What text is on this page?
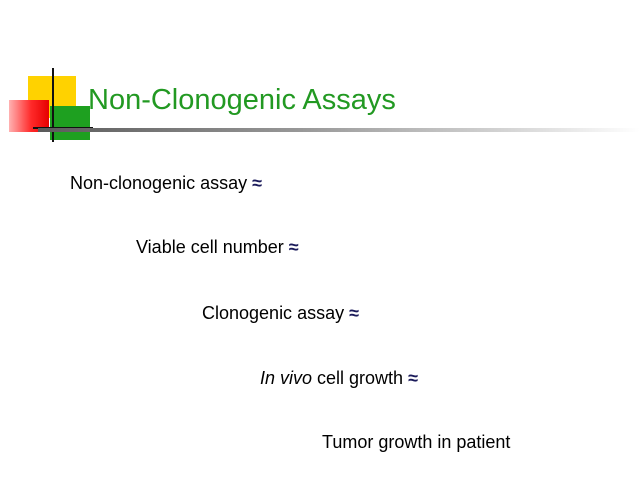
Non-Clonogenic Assays
Non-clonogenic assay ≈
Viable cell number ≈
Clonogenic assay ≈
In vivo cell growth ≈
Tumor growth in patient
